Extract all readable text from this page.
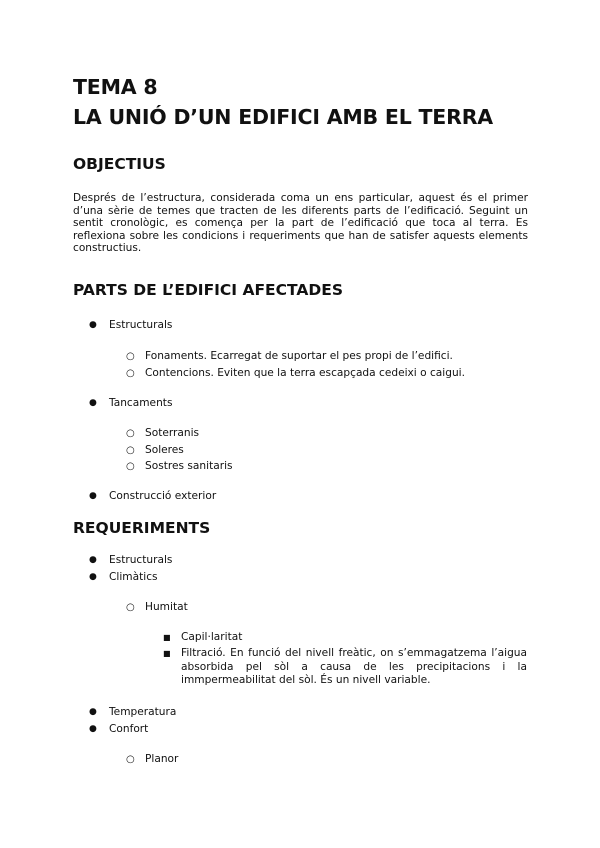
TEMA 8
LA UNIÓ D’UN EDIFICI AMB EL TERRA
OBJECTIUS

Després de l’estructura, considerada coma un ens particular, aquest és el primer d’una sèrie de temes que tracten de les diferents parts de l’edificació. Seguint un sentit cronològic, es comença per la part de l’edificació que toca al terra. Es reflexiona sobre les condicions i requeriments que han de satisfer aquests elements constructius.

PARTS DE L’EDIFICI AFECTADES
● Estructurals
○ Fonaments. Ecarregat de suportar el pes propi de l’edifici.
○ Contencions. Eviten que la terra escapçada cedeixi o caigui.
● Tancaments
○ Soterranis
○ Soleres
○ Sostres sanitaris
● Construcció exterior
REQUERIMENTS
● Estructurals
● Climàtics
○ Humitat
■ Capil·laritat
■ Filtració. En funció del nivell freàtic, on s’emmagatzema l’aigua absorbida pel sòl a causa de les precipitacions i la immpermeabilitat del sòl. És un nivell variable.
● Temperatura
● Confort
○ Planor
